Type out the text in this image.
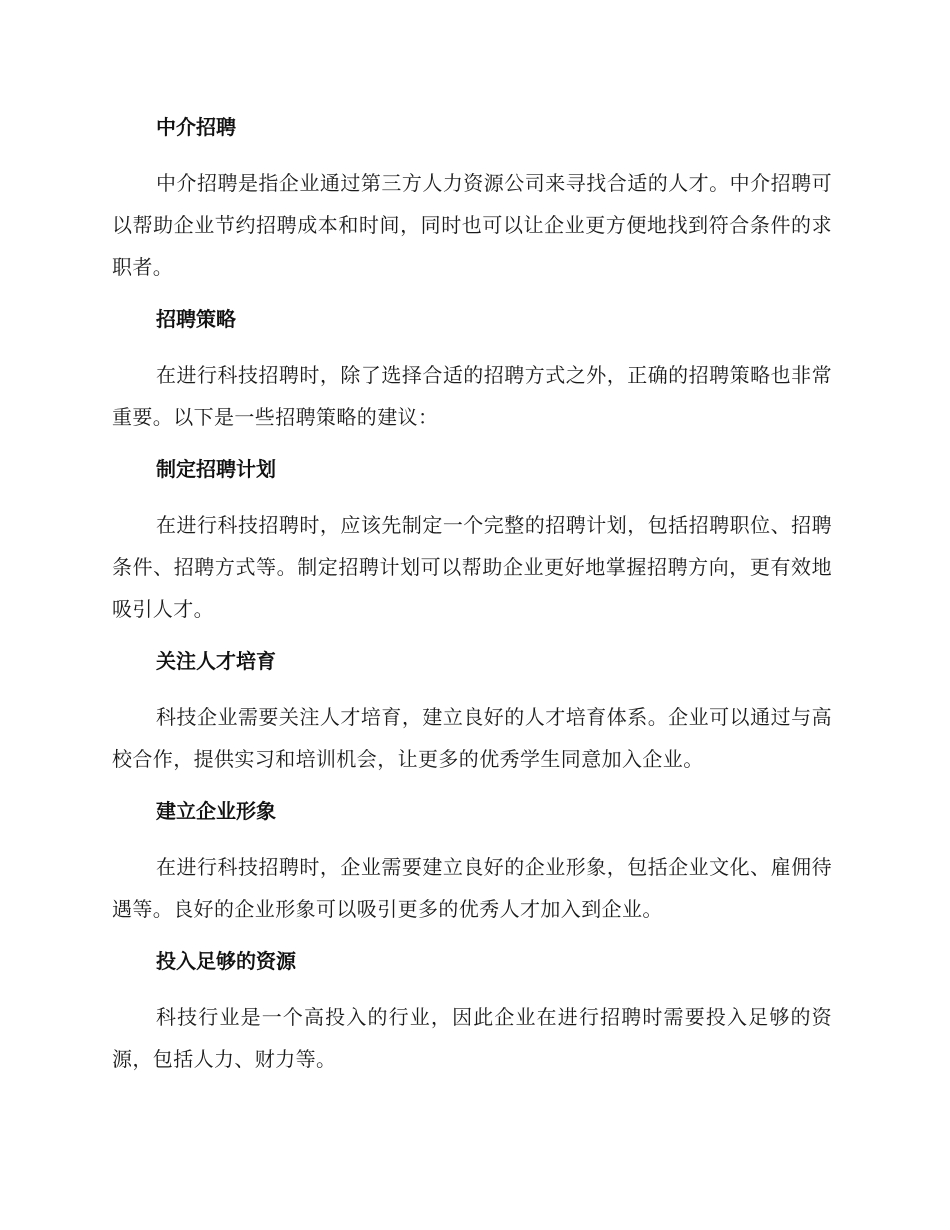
中介招聘

中介招聘是指企业通过第三方人力资源公司来寻找合适的人才。中介招聘可以帮助企业节约招聘成本和时间，同时也可以让企业更方便地找到符合条件的求职者。

招聘策略

在进行科技招聘时，除了选择合适的招聘方式之外，正确的招聘策略也非常重要。以下是一些招聘策略的建议：

制定招聘计划

在进行科技招聘时，应该先制定一个完整的招聘计划，包括招聘职位、招聘条件、招聘方式等。制定招聘计划可以帮助企业更好地掌握招聘方向，更有效地吸引人才。

关注人才培育

科技企业需要关注人才培育，建立良好的人才培育体系。企业可以通过与高校合作，提供实习和培训机会，让更多的优秀学生同意加入企业。

建立企业形象

在进行科技招聘时，企业需要建立良好的企业形象，包括企业文化、雇佣待遇等。良好的企业形象可以吸引更多的优秀人才加入到企业。

投入足够的资源

科技行业是一个高投入的行业，因此企业在进行招聘时需要投入足够的资源，包括人力、财力等。
